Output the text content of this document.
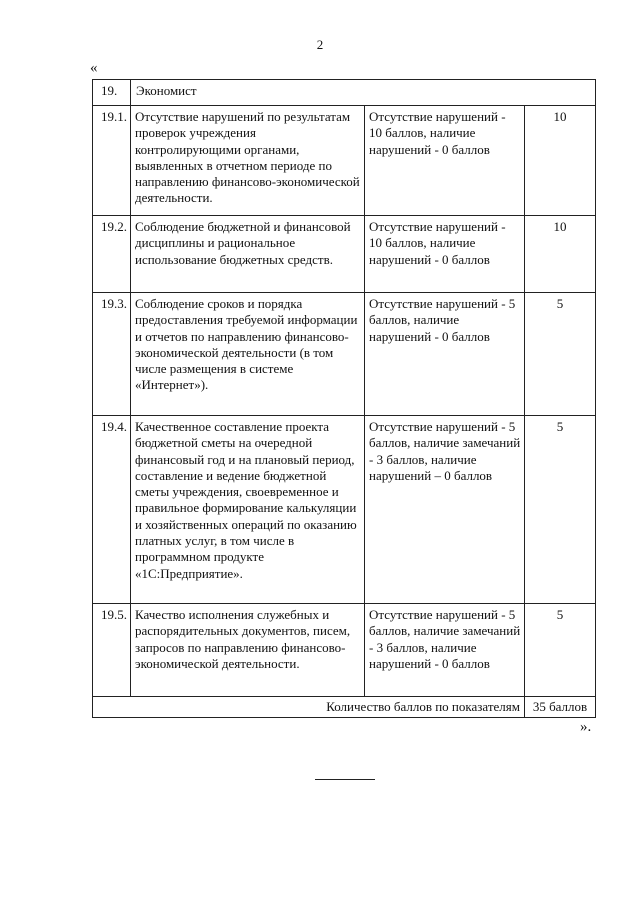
2
«
19.	Экономист		
19.1.	Отсутствие нарушений по результатам проверок учреждения контролирующими органами, выявленных в отчетном периоде по направлению финансово-экономической деятельности.	Отсутствие нарушений - 10 баллов, наличие нарушений - 0 баллов	10
19.2.	Соблюдение бюджетной и финансовой дисциплины и рациональное использование бюджетных средств.	Отсутствие нарушений - 10 баллов, наличие нарушений - 0 баллов	10
19.3.	Соблюдение сроков и порядка предоставления требуемой информации и отчетов по направлению финансово-экономической деятельности (в том числе размещения в системе «Интернет»).	Отсутствие нарушений - 5 баллов, наличие нарушений - 0 баллов	5
19.4.	Качественное составление проекта бюджетной сметы на очередной финансовый год и на плановый период, составление и ведение бюджетной сметы учреждения, своевременное и правильное формирование калькуляции и хозяйственных операций по оказанию платных услуг, в том числе в программном продукте «1С:Предприятие».	Отсутствие нарушений - 5 баллов, наличие замечаний - 3 баллов, наличие нарушений – 0 баллов	5
19.5.	Качество исполнения служебных и распорядительных документов, писем, запросов по направлению финансово-экономической деятельности.	Отсутствие нарушений - 5 баллов, наличие замечаний - 3 баллов, наличие нарушений - 0 баллов	5
Количество баллов по показателям			35 баллов
».
